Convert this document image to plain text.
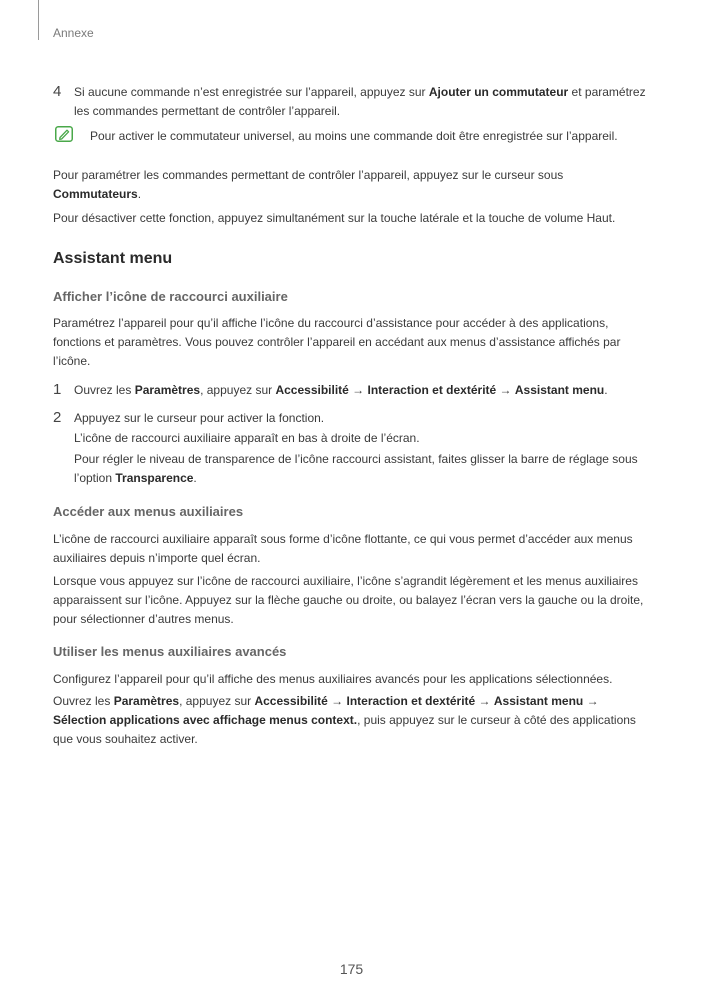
Annexe
4 Si aucune commande n’est enregistrée sur l’appareil, appuyez sur Ajouter un commutateur et paramétrez les commandes permettant de contrôler l’appareil.

Pour activer le commutateur universel, au moins une commande doit être enregistrée sur l’appareil.

Pour paramétrer les commandes permettant de contrôler l’appareil, appuyez sur le curseur sous Commutateurs.

Pour désactiver cette fonction, appuyez simultanément sur la touche latérale et la touche de volume Haut.

Assistant menu
Afficher l’icône de raccourci auxiliaire

Paramétrez l’appareil pour qu’il affiche l’icône du raccourci d’assistance pour accéder à des applications, fonctions et paramètres. Vous pouvez contrôler l’appareil en accédant aux menus d’assistance affichés par l’icône.

1 Ouvrez les Paramètres, appuyez sur Accessibilité → Interaction et dextérité → Assistant menu.

2 Appuyez sur le curseur pour activer la fonction.

L’icône de raccourci auxiliaire apparaît en bas à droite de l’écran.

Pour régler le niveau de transparence de l’icône raccourci assistant, faites glisser la barre de réglage sous l’option Transparence.

Accéder aux menus auxiliaires

L’icône de raccourci auxiliaire apparaît sous forme d’icône flottante, ce qui vous permet d’accéder aux menus auxiliaires depuis n’importe quel écran.

Lorsque vous appuyez sur l’icône de raccourci auxiliaire, l’icône s’agrandit légèrement et les menus auxiliaires apparaissent sur l’icône. Appuyez sur la flèche gauche ou droite, ou balayez l’écran vers la gauche ou la droite, pour sélectionner d’autres menus.

Utiliser les menus auxiliaires avancés

Configurez l’appareil pour qu’il affiche des menus auxiliaires avancés pour les applications sélectionnées.

Ouvrez les Paramètres, appuyez sur Accessibilité → Interaction et dextérité → Assistant menu → Sélection applications avec affichage menus context., puis appuyez sur le curseur à côté des applications que vous souhaitez activer.

175
